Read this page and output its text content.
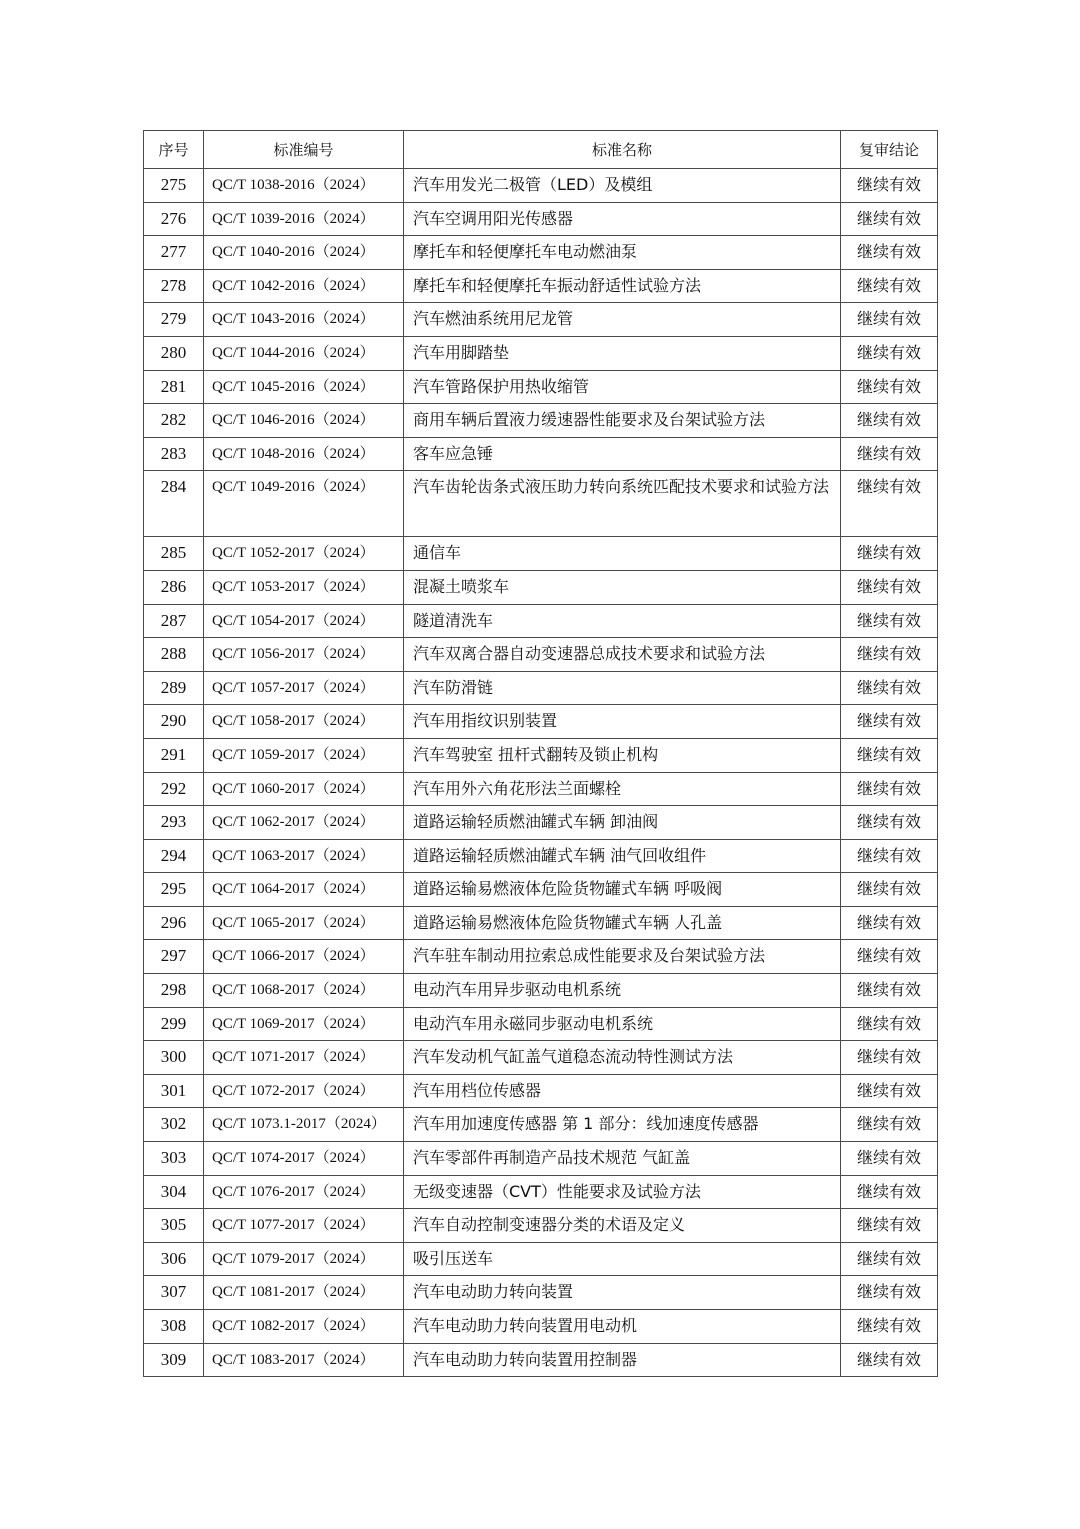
序号	标准编号	标准名称	复审结论
275	QC/T 1038-2016（2024）	汽车用发光二极管（LED）及模组	继续有效
276	QC/T 1039-2016（2024）	汽车空调用阳光传感器	继续有效
277	QC/T 1040-2016（2024）	摩托车和轻便摩托车电动燃油泵	继续有效
278	QC/T 1042-2016（2024）	摩托车和轻便摩托车振动舒适性试验方法	继续有效
279	QC/T 1043-2016（2024）	汽车燃油系统用尼龙管	继续有效
280	QC/T 1044-2016（2024）	汽车用脚踏垫	继续有效
281	QC/T 1045-2016（2024）	汽车管路保护用热收缩管	继续有效
282	QC/T 1046-2016（2024）	商用车辆后置液力缓速器性能要求及台架试验方法	继续有效
283	QC/T 1048-2016（2024）	客车应急锤	继续有效
284	QC/T 1049-2016（2024）	汽车齿轮齿条式液压助力转向系统匹配技术要求和试验方法	继续有效
285	QC/T 1052-2017（2024）	通信车	继续有效
286	QC/T 1053-2017（2024）	混凝土喷浆车	继续有效
287	QC/T 1054-2017（2024）	隧道清洗车	继续有效
288	QC/T 1056-2017（2024）	汽车双离合器自动变速器总成技术要求和试验方法	继续有效
289	QC/T 1057-2017（2024）	汽车防滑链	继续有效
290	QC/T 1058-2017（2024）	汽车用指纹识别装置	继续有效
291	QC/T 1059-2017（2024）	汽车驾驶室 扭杆式翻转及锁止机构	继续有效
292	QC/T 1060-2017（2024）	汽车用外六角花形法兰面螺栓	继续有效
293	QC/T 1062-2017（2024）	道路运输轻质燃油罐式车辆 卸油阀	继续有效
294	QC/T 1063-2017（2024）	道路运输轻质燃油罐式车辆 油气回收组件	继续有效
295	QC/T 1064-2017（2024）	道路运输易燃液体危险货物罐式车辆 呼吸阀	继续有效
296	QC/T 1065-2017（2024）	道路运输易燃液体危险货物罐式车辆 人孔盖	继续有效
297	QC/T 1066-2017（2024）	汽车驻车制动用拉索总成性能要求及台架试验方法	继续有效
298	QC/T 1068-2017（2024）	电动汽车用异步驱动电机系统	继续有效
299	QC/T 1069-2017（2024）	电动汽车用永磁同步驱动电机系统	继续有效
300	QC/T 1071-2017（2024）	汽车发动机气缸盖气道稳态流动特性测试方法	继续有效
301	QC/T 1072-2017（2024）	汽车用档位传感器	继续有效
302	QC/T 1073.1-2017（2024）	汽车用加速度传感器 第 1 部分：线加速度传感器	继续有效
303	QC/T 1074-2017（2024）	汽车零部件再制造产品技术规范 气缸盖	继续有效
304	QC/T 1076-2017（2024）	无级变速器（CVT）性能要求及试验方法	继续有效
305	QC/T 1077-2017（2024）	汽车自动控制变速器分类的术语及定义	继续有效
306	QC/T 1079-2017（2024）	吸引压送车	继续有效
307	QC/T 1081-2017（2024）	汽车电动助力转向装置	继续有效
308	QC/T 1082-2017（2024）	汽车电动助力转向装置用电动机	继续有效
309	QC/T 1083-2017（2024）	汽车电动助力转向装置用控制器	继续有效
